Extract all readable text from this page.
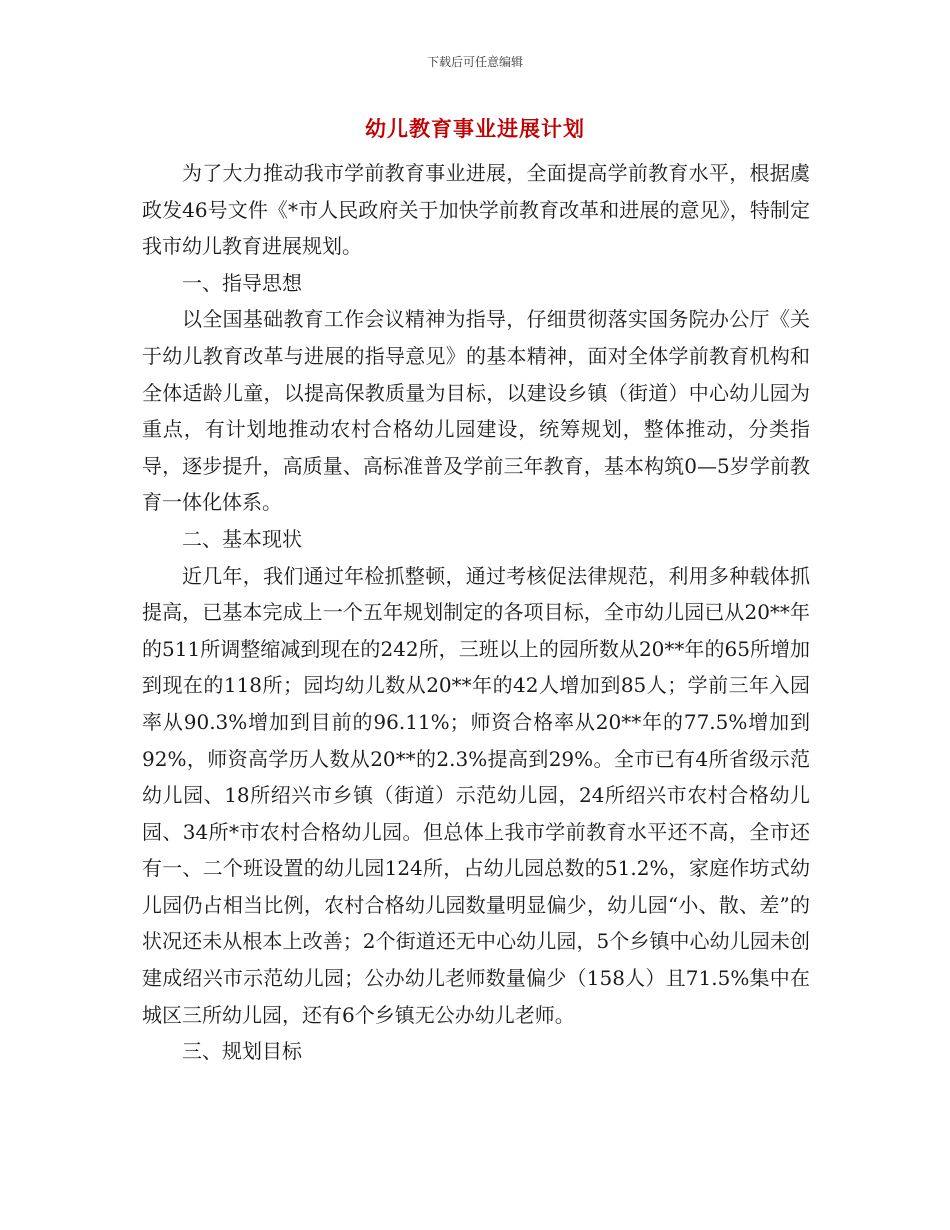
下载后可任意编辑
幼儿教育事业进展计划

为了大力推动我市学前教育事业进展，全面提高学前教育水平，根据虞政发46号文件《*市人民政府关于加快学前教育改革和进展的意见》，特制定我市幼儿教育进展规划。

一、指导思想

以全国基础教育工作会议精神为指导，仔细贯彻落实国务院办公厅《关于幼儿教育改革与进展的指导意见》的基本精神，面对全体学前教育机构和全体适龄儿童，以提高保教质量为目标，以建设乡镇（街道）中心幼儿园为重点，有计划地推动农村合格幼儿园建设，统筹规划，整体推动，分类指导，逐步提升，高质量、高标准普及学前三年教育，基本构筑0—5岁学前教育一体化体系。

二、基本现状

近几年，我们通过年检抓整顿，通过考核促法律规范，利用多种载体抓提高，已基本完成上一个五年规划制定的各项目标，全市幼儿园已从20**年的511所调整缩减到现在的242所，三班以上的园所数从20**年的65所增加到现在的118所；园均幼儿数从20**年的42人增加到85人；学前三年入园率从90.3%增加到目前的96.11%；师资合格率从20**年的77.5%增加到92%，师资高学历人数从20**的2.3%提高到29%。全市已有4所省级示范幼儿园、18所绍兴市乡镇（街道）示范幼儿园，24所绍兴市农村合格幼儿园、34所*市农村合格幼儿园。但总体上我市学前教育水平还不高，全市还有一、二个班设置的幼儿园124所，占幼儿园总数的51.2%，家庭作坊式幼儿园仍占相当比例，农村合格幼儿园数量明显偏少，幼儿园“小、散、差”的状况还未从根本上改善；2个街道还无中心幼儿园，5个乡镇中心幼儿园未创建成绍兴市示范幼儿园；公办幼儿老师数量偏少（158人）且71.5%集中在城区三所幼儿园，还有6个乡镇无公办幼儿老师。

三、规划目标
